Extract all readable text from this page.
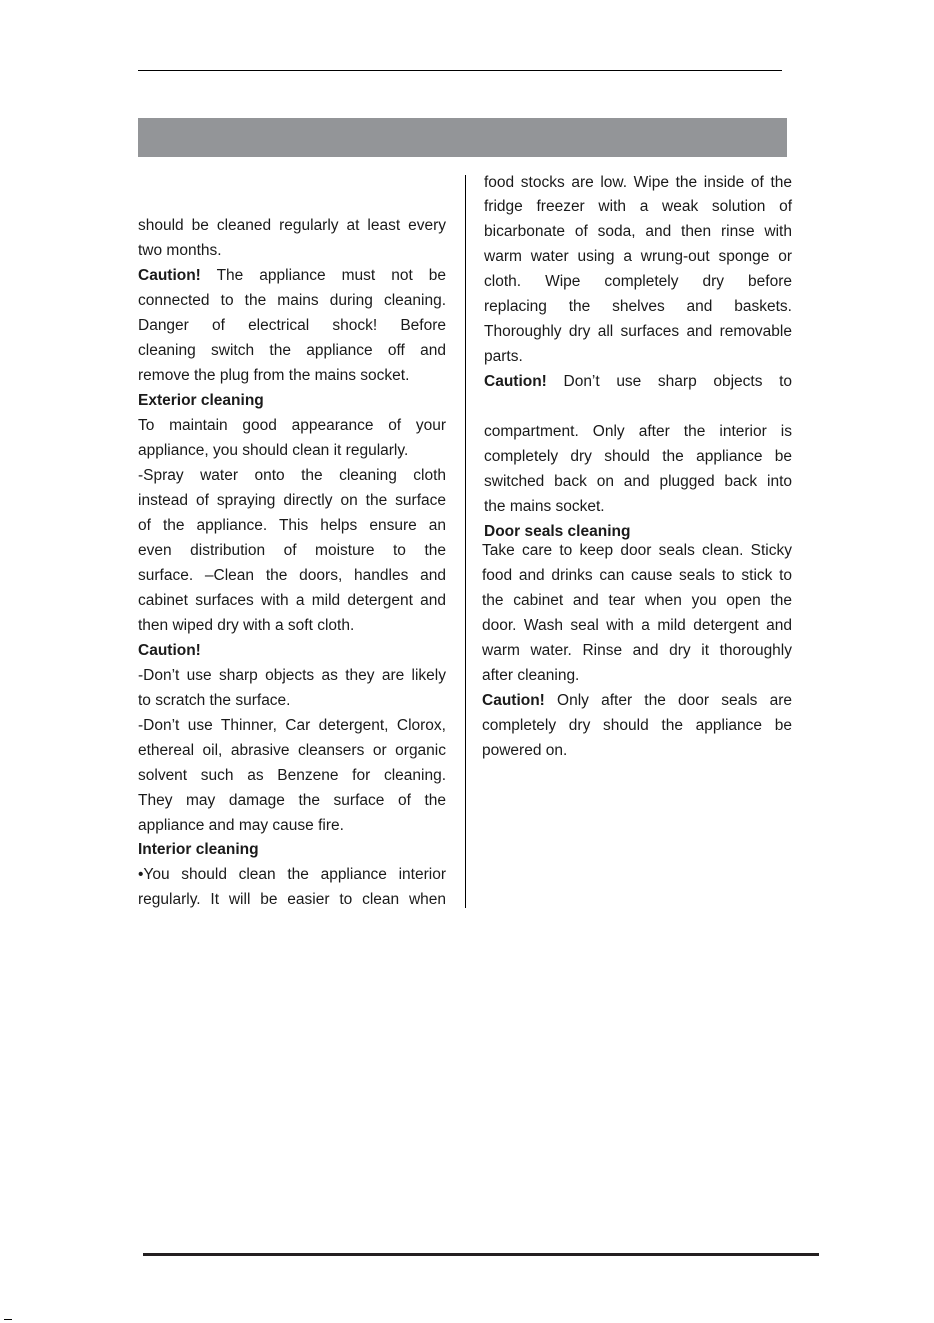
should be cleaned regularly at least every
two months.
Caution! The appliance must not be
connected to the mains during cleaning.
Danger of electrical shock! Before
cleaning switch the appliance off and
remove the plug from the mains socket.
Exterior cleaning
To maintain good appearance of your
appliance, you should clean it regularly.
-Spray water onto the cleaning cloth
instead of spraying directly on the surface
of the appliance. This helps ensure an
even distribution of moisture to the
surface. –Clean the doors, handles and
cabinet surfaces with a mild detergent and
then wiped dry with a soft cloth.
Caution!
-Don’t use sharp objects as they are likely
to scratch the surface.
-Don’t use Thinner, Car detergent, Clorox,
ethereal oil, abrasive cleansers or organic
solvent such as Benzene for cleaning.
They may damage the surface of the
appliance and may cause fire.
Interior cleaning
•You should clean the appliance interior
regularly. It will be easier to clean when
food stocks are low. Wipe the inside of the
fridge freezer with a weak solution of
bicarbonate of soda, and then rinse with
warm water using a wrung-out sponge or
cloth. Wipe completely dry before
replacing the shelves and baskets.
Thoroughly dry all surfaces and removable
parts.
Caution! Don’t use sharp objects to
compartment. Only after the interior is
completely dry should the appliance be
switched back on and plugged back into
the mains socket.
Door seals cleaning
Take care to keep door seals clean. Sticky
food and drinks can cause seals to stick to
the cabinet and tear when you open the
door. Wash seal with a mild detergent and
warm water. Rinse and dry it thoroughly
after cleaning.
Caution! Only after the door seals are
completely dry should the appliance be
powered on.
